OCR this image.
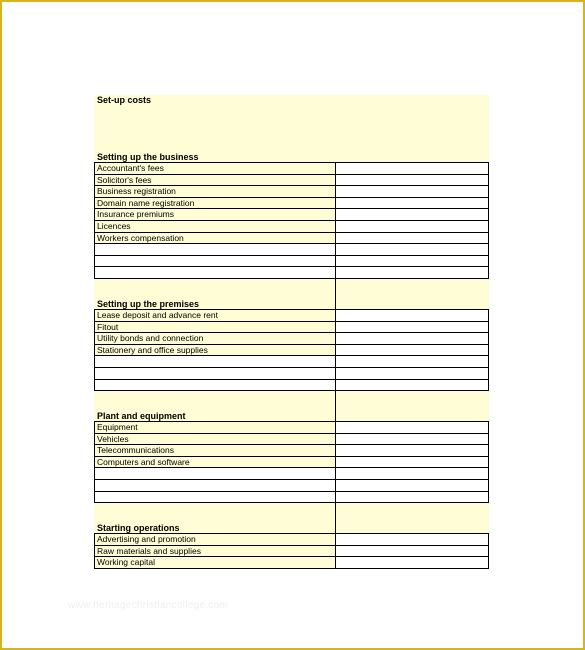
Set-up costs
Setting up the business
Accountant's fees
Solicitor's fees
Business registration
Domain name registration
Insurance premiums
Licences
Workers compensation
Setting up the premises
Lease deposit and advance rent
Fitout
Utility bonds and connection
Stationery and office supplies
Plant and equipment
Equipment
Vehicles
Telecommunications
Computers and software
Starting operations
Advertising and promotion
Raw materials and supplies
Working capital
www.heritagechristiancollege.com
